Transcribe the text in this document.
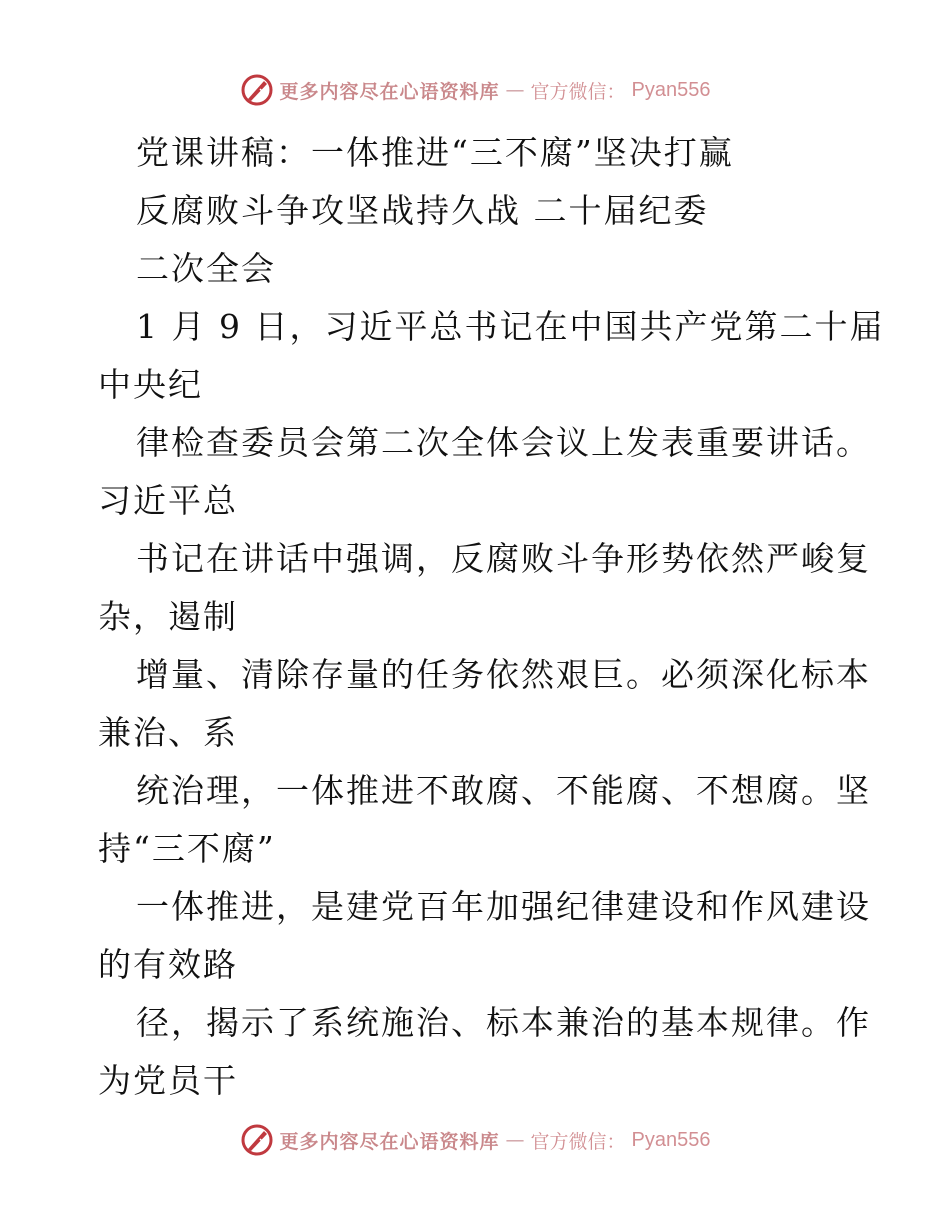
更多内容尽在心语资料库 — 官方微信： Pyan556
党课讲稿：一体推进“三不腐”坚决打赢
反腐败斗争攻坚战持久战 二十届纪委
二次全会
1 月 9 日，习近平总书记在中国共产党第二十届
中央纪
律检查委员会第二次全体会议上发表重要讲话。
习近平总
书记在讲话中强调，反腐败斗争形势依然严峻复
杂，遏制
增量、清除存量的任务依然艰巨。必须深化标本
兼治、系
统治理，一体推进不敢腐、不能腐、不想腐。坚
持“三不腐”
一体推进，是建党百年加强纪律建设和作风建设
的有效路
径，揭示了系统施治、标本兼治的基本规律。作
为党员干
更多内容尽在心语资料库 — 官方微信： Pyan556
